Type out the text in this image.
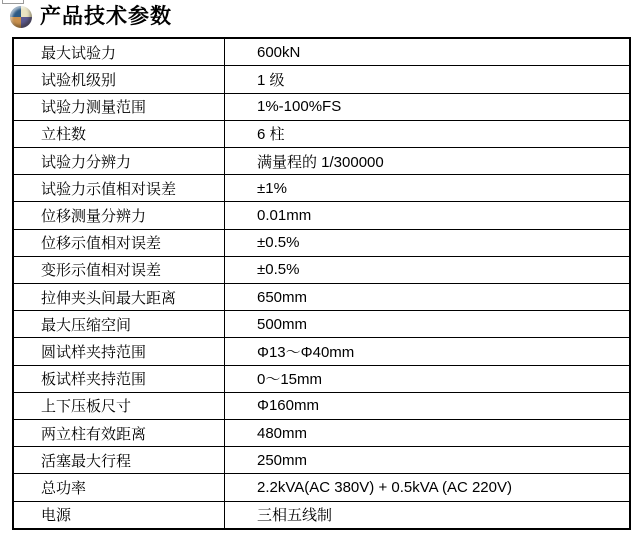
产品技术参数
最大试验力	600kN
试验机级别	1 级
试验力测量范围	1%-100%FS
立柱数	6 柱
试验力分辨力	满量程的 1/300000
试验力示值相对误差	±1%
位移测量分辨力	0.01mm
位移示值相对误差	±0.5%
变形示值相对误差	±0.5%
拉伸夹头间最大距离	650mm
最大压缩空间	500mm
圆试样夹持范围	Φ13～Φ40mm
板试样夹持范围	0～15mm
上下压板尺寸	Φ160mm
两立柱有效距离	480mm
活塞最大行程	250mm
总功率	2.2kVA(AC 380V) + 0.5kVA (AC 220V)
电源	三相五线制
